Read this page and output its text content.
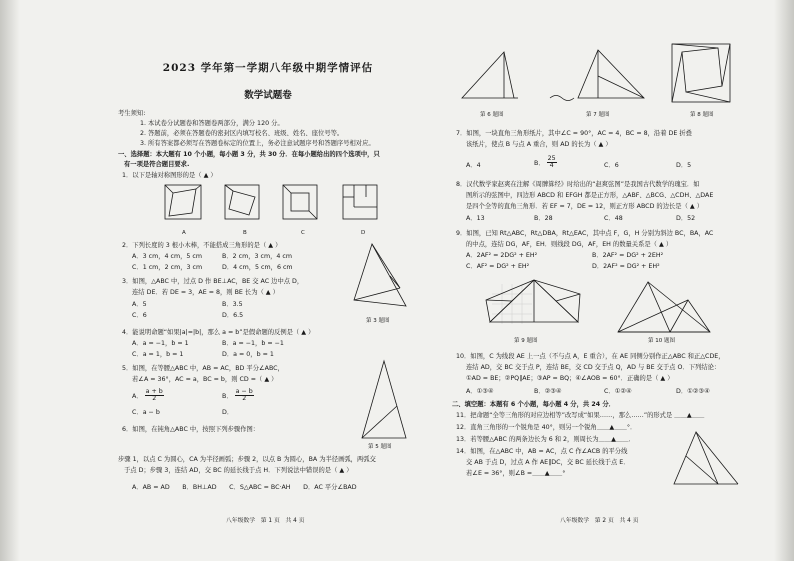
2023 学年第一学期八年级中期学情评估
数学试题卷
考生须知:
1. 本试卷分试题卷和答题卷两部分，满分 120 分。
2. 答题前，必须在答题卷的密封区内填写校名、班级、姓名、座位号等。
3. 所有答案都必须写在答题卷标定的位置上，务必注意试题序号和答题序号相对应。
一、选择题：本大题有 10 个小题，每小题 3 分，共 30 分．在每小题给出的四个选项中，只
有一项是符合题目要求.
1．以下是轴对称图形的是（ ▲ ）
A	B	C	D
2．下列长度的 3 根小木棒，不能搭成三角形的是（ ▲ ）
A．3 cm，4 cm，5 cm	B．2 cm，3 cm，4 cm
C．1 cm，2 cm，3 cm	D．4 cm，5 cm，6 cm
第 3 题图
3．如图，△ABC 中，过点 D 作 BE⊥AC，BE 交 AC 边中点 D，
连结 DE．若 DE = 3，AE = 8，则 BE 长为（ ▲ ）
A．5	B．3.5
C．6	D．6.5
4．能说明命题“如果|a|=|b|，那么 a = b”是假命题的反例是（ ▲ ）
A．a = −1，b = 1	B．a = −1，b = −1
C．a = 1，b = 1	D．a = 0，b = 1
5．如图，在等腰△ABC 中，AB = AC，BD 平分∠ABC，
若∠A = 36°，AC = a，BC = b，则 CD =（ ▲ ）
A． $\frac{a + b}{2}$	B． $\frac{a - b}{2}$
C．a − b	D．
第 5 题图
6．如图，在钝角△ABC 中，按照下列步骤作图：
步骤 1，以点 C 为圆心，CA 为半径画弧；步骤 2，以点 B 为圆心，BA 为半径画弧，两弧交
于点 D；步骤 3，连结 AD，交 BC 的延长线于点 H．下列说法中错误的是（ ▲ ）
A．AB = AD　　B．BH⊥AD　　C．S△ABC = BC·AH　　D．AC 平分∠BAD
八年级数学　第 1 页　共 4 页
第 6 题图	第 7 题图	第 8 题图
7．如图，一块直角三角形纸片，其中∠C = 90°，AC = 4，BC = 8，沿着 DE 折叠
该纸片，使点 B 与点 A 重合，则 AD 的长为（ ▲ ）
A．4	B． $\frac{25}{4}$	C．6	D．5
8．汉代数学家赵爽在注解《周髀算经》时给出的“赵爽弦图”是我国古代数学的瑰宝．如
图所示的弦图中，四边形 ABCD 和 EFGH 都是正方形，△ABF、△BCG、△CDH、△DAE
是四个全等的直角三角形．若 EF = 7，DE = 12，则正方形 ABCD 的边长是（ ▲ ）
A．13	B．28	C．48	D．52
9．如图，已知 Rt△ABC，Rt△DBA，Rt△EAC，其中点 F，G，H 分别为斜边 BC，BA，AC
的中点，连结 DG，AF，EH．则线段 DG，AF，EH 的数量关系是（ ▲ ）
A．2AF² = 2DG² + EH²	B．2AF² = DG² + 2EH²
C．AF² = DG² + EH²	D．2AF² = DG² + EH²
第 9 题图	第 10 题图
10．如图，C 为线段 AE 上一点（不与点 A，E 重合），在 AE 同侧分别作正△ABC 和正△CDE，
连结 AD，交 BC 交于点 P，连结 BE，交 CD 交于点 Q，AD 与 BE 交于点 O．下列结论：
①AD = BE；②PQ∥AE；③AP = BQ；④∠AOB = 60°．正确的是（ ▲ ）
A．①③④	B．②③④	C．①②④	D．①②③④
二、填空题：本题有 6 个小题，每小题 4 分，共 24 分．
11．把命题“全等三角形的对应边相等”改写成“如果……，那么……”的形式是 ＿＿▲＿＿
12．直角三角形的一个锐角是 40°，则另一个锐角＿＿▲＿＿°．
13．若等腰△ABC 的两条边长为 6 和 2，则周长为＿＿▲＿＿．
14．如图，在△ABC 中，AB = AC，点 C 作∠ACB 的平分线
交 AB 于点 D，过点 A 作 AE∥DC，交 BC 延长线于点 E．
若∠E = 36°，则∠B =＿＿▲＿＿°
八年级数学　第 2 页　共 4 页
